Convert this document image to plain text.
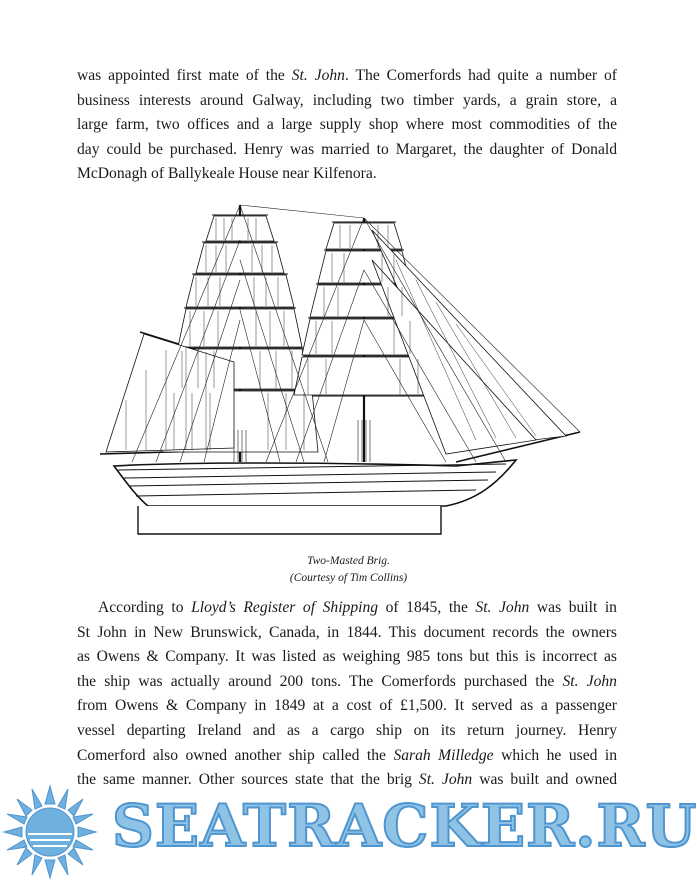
was appointed first mate of the St. John. The Comerfords had quite a number of
business interests around Galway, including two timber yards, a grain store, a
large farm, two offices and a large supply shop where most commodities of the
day could be purchased. Henry was married to Margaret, the daughter of Donald
McDonagh of Ballykeale House near Kilfenora.
Two-Masted Brig.
(Courtesy of Tim Collins)
According to Lloyd’s Register of Shipping of 1845, the St. John was built in
St John in New Brunswick, Canada, in 1844. This document records the owners
as Owens & Company. It was listed as weighing 985 tons but this is incorrect as
the ship was actually around 200 tons. The Comerfords purchased the St. John
from Owens & Company in 1849 at a cost of £1,500. It served as a passenger
vessel departing Ireland and as a cargo ship on its return journey. Henry
Comerford also owned another ship called the Sarah Milledge which he used in
the same manner. Other sources state that the brig St. John was built and owned
SEATRACKER.RU
